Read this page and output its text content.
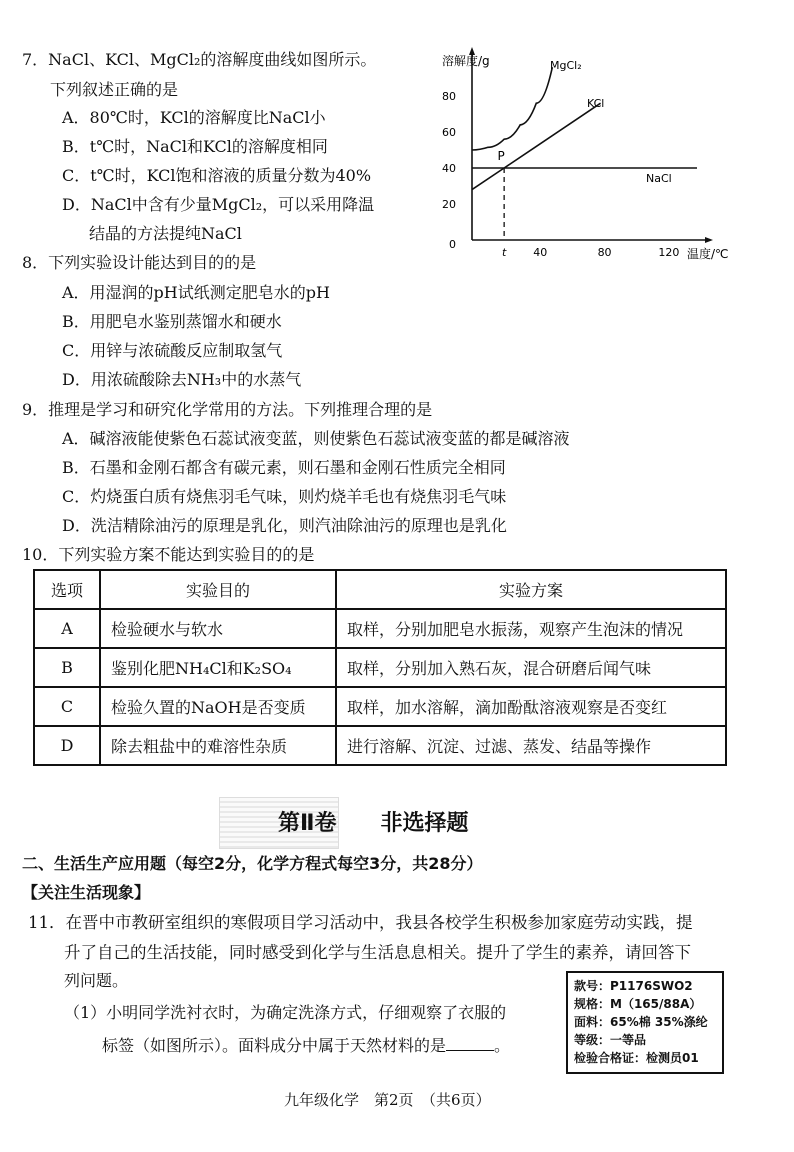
7．NaCl、KCl、MgCl₂的溶解度曲线如图所示。
下列叙述正确的是
A．80℃时，KCl的溶解度比NaCl小
B．t℃时，NaCl和KCl的溶解度相同
C．t℃时，KCl饱和溶液的质量分数为40%
D．NaCl中含有少量MgCl₂，可以采用降温
结晶的方法提纯NaCl
0
20
40
60
80
t 40	80	120
溶解度/g
温度/℃
MgCl₂
KCl
NaCl
P
8．下列实验设计能达到目的的是
A．用湿润的pH试纸测定肥皂水的pH
B．用肥皂水鉴别蒸馏水和硬水
C．用锌与浓硫酸反应制取氢气
D．用浓硫酸除去NH₃中的水蒸气
9．推理是学习和研究化学常用的方法。下列推理合理的是
A．碱溶液能使紫色石蕊试液变蓝，则使紫色石蕊试液变蓝的都是碱溶液
B．石墨和金刚石都含有碳元素，则石墨和金刚石性质完全相同
C．灼烧蛋白质有烧焦羽毛气味，则灼烧羊毛也有烧焦羽毛气味
D．洗洁精除油污的原理是乳化，则汽油除油污的原理也是乳化
10．下列实验方案不能达到实验目的的是
选项	实验目的	实验方案
A	检验硬水与软水	取样，分别加肥皂水振荡，观察产生泡沫的情况
B	鉴别化肥NH₄Cl和K₂SO₄	取样，分别加入熟石灰，混合研磨后闻气味
C	检验久置的NaOH是否变质	取样，加水溶解，滴加酚酞溶液观察是否变红
D	除去粗盐中的难溶性杂质	进行溶解、沉淀、过滤、蒸发、结晶等操作
第Ⅱ卷　　非选择题
二、生活生产应用题（每空2分，化学方程式每空3分，共28分）
【关注生活现象】
11．在晋中市教研室组织的寒假项目学习活动中，我县各校学生积极参加家庭劳动实践，提
升了自己的生活技能，同时感受到化学与生活息息相关。提升了学生的素养，请回答下
列问题。
（1）小明同学洗衬衣时，为确定洗涤方式，仔细观察了衣服的
标签（如图所示）。面料成分中属于天然材料的是	。
款号：P1176SWO2
规格：M（165/88A）
面料：65%棉 35%涤纶
等级：一等品
检验合格证：检测员01
九年级化学　第2页　（共6页）
